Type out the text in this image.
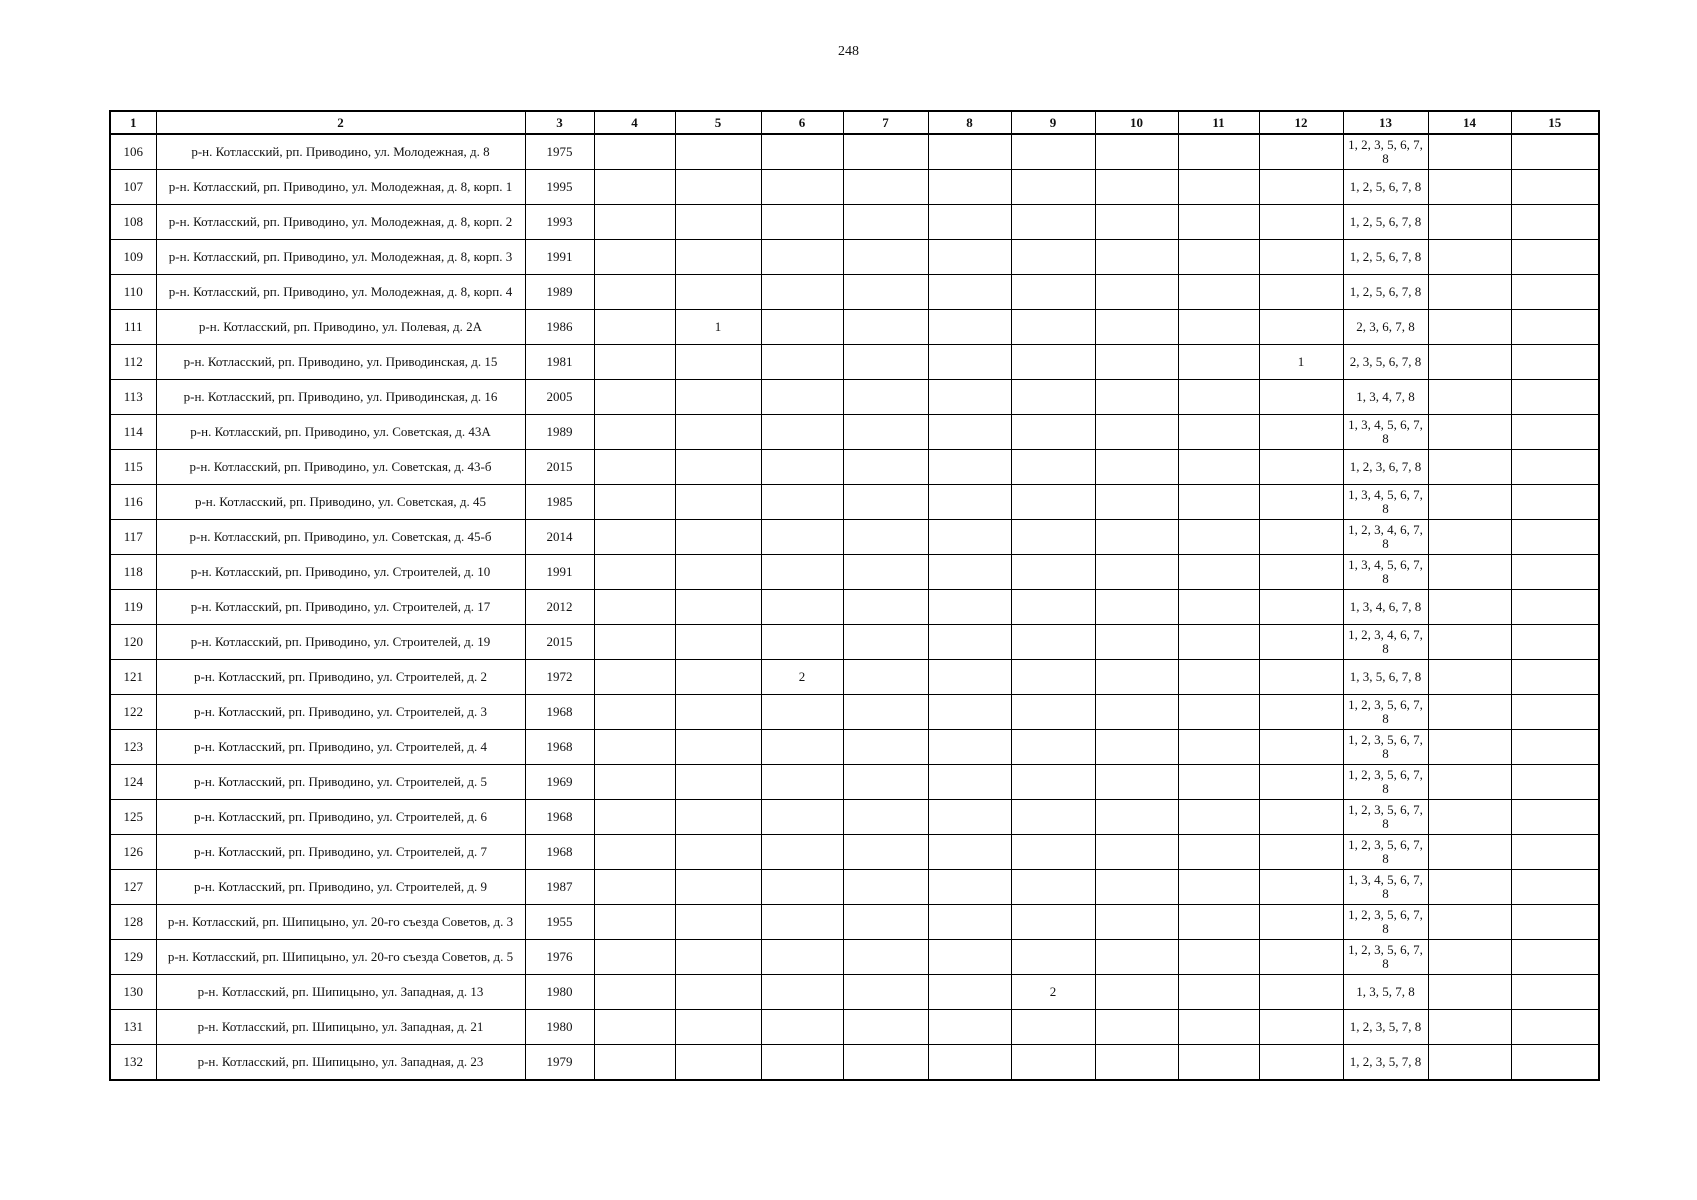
248
1	2	3	4	5	6	7	8	9	10	11	12	13	14	15
106	р-н. Котласский, рп. Приводино, ул. Молодежная, д. 8	1975										1, 2, 3, 5, 6, 7, 8		
107	р-н. Котласский, рп. Приводино, ул. Молодежная, д. 8, корп. 1	1995										1, 2, 5, 6, 7, 8		
108	р-н. Котласский, рп. Приводино, ул. Молодежная, д. 8, корп. 2	1993										1, 2, 5, 6, 7, 8		
109	р-н. Котласский, рп. Приводино, ул. Молодежная, д. 8, корп. 3	1991										1, 2, 5, 6, 7, 8		
110	р-н. Котласский, рп. Приводино, ул. Молодежная, д. 8, корп. 4	1989										1, 2, 5, 6, 7, 8		
111	р-н. Котласский, рп. Приводино, ул. Полевая, д. 2А	1986		1								2, 3, 6, 7, 8		
112	р-н. Котласский, рп. Приводино, ул. Приводинская, д. 15	1981									1	2, 3, 5, 6, 7, 8		
113	р-н. Котласский, рп. Приводино, ул. Приводинская, д. 16	2005										1, 3, 4, 7, 8		
114	р-н. Котласский, рп. Приводино, ул. Советская, д. 43А	1989										1, 3, 4, 5, 6, 7, 8		
115	р-н. Котласский, рп. Приводино, ул. Советская, д. 43-б	2015										1, 2, 3, 6, 7, 8		
116	р-н. Котласский, рп. Приводино, ул. Советская, д. 45	1985										1, 3, 4, 5, 6, 7, 8		
117	р-н. Котласский, рп. Приводино, ул. Советская, д. 45-б	2014										1, 2, 3, 4, 6, 7, 8		
118	р-н. Котласский, рп. Приводино, ул. Строителей, д. 10	1991										1, 3, 4, 5, 6, 7, 8		
119	р-н. Котласский, рп. Приводино, ул. Строителей, д. 17	2012										1, 3, 4, 6, 7, 8		
120	р-н. Котласский, рп. Приводино, ул. Строителей, д. 19	2015										1, 2, 3, 4, 6, 7, 8		
121	р-н. Котласский, рп. Приводино, ул. Строителей, д. 2	1972			2							1, 3, 5, 6, 7, 8		
122	р-н. Котласский, рп. Приводино, ул. Строителей, д. 3	1968										1, 2, 3, 5, 6, 7, 8		
123	р-н. Котласский, рп. Приводино, ул. Строителей, д. 4	1968										1, 2, 3, 5, 6, 7, 8		
124	р-н. Котласский, рп. Приводино, ул. Строителей, д. 5	1969										1, 2, 3, 5, 6, 7, 8		
125	р-н. Котласский, рп. Приводино, ул. Строителей, д. 6	1968										1, 2, 3, 5, 6, 7, 8		
126	р-н. Котласский, рп. Приводино, ул. Строителей, д. 7	1968										1, 2, 3, 5, 6, 7, 8		
127	р-н. Котласский, рп. Приводино, ул. Строителей, д. 9	1987										1, 3, 4, 5, 6, 7, 8		
128	р-н. Котласский, рп. Шипицыно, ул. 20-го съезда Советов, д. 3	1955										1, 2, 3, 5, 6, 7, 8		
129	р-н. Котласский, рп. Шипицыно, ул. 20-го съезда Советов, д. 5	1976										1, 2, 3, 5, 6, 7, 8		
130	р-н. Котласский, рп. Шипицыно, ул. Западная, д. 13	1980						2				1, 3, 5, 7, 8		
131	р-н. Котласский, рп. Шипицыно, ул. Западная, д. 21	1980										1, 2, 3, 5, 7, 8		
132	р-н. Котласский, рп. Шипицыно, ул. Западная, д. 23	1979										1, 2, 3, 5, 7, 8		
